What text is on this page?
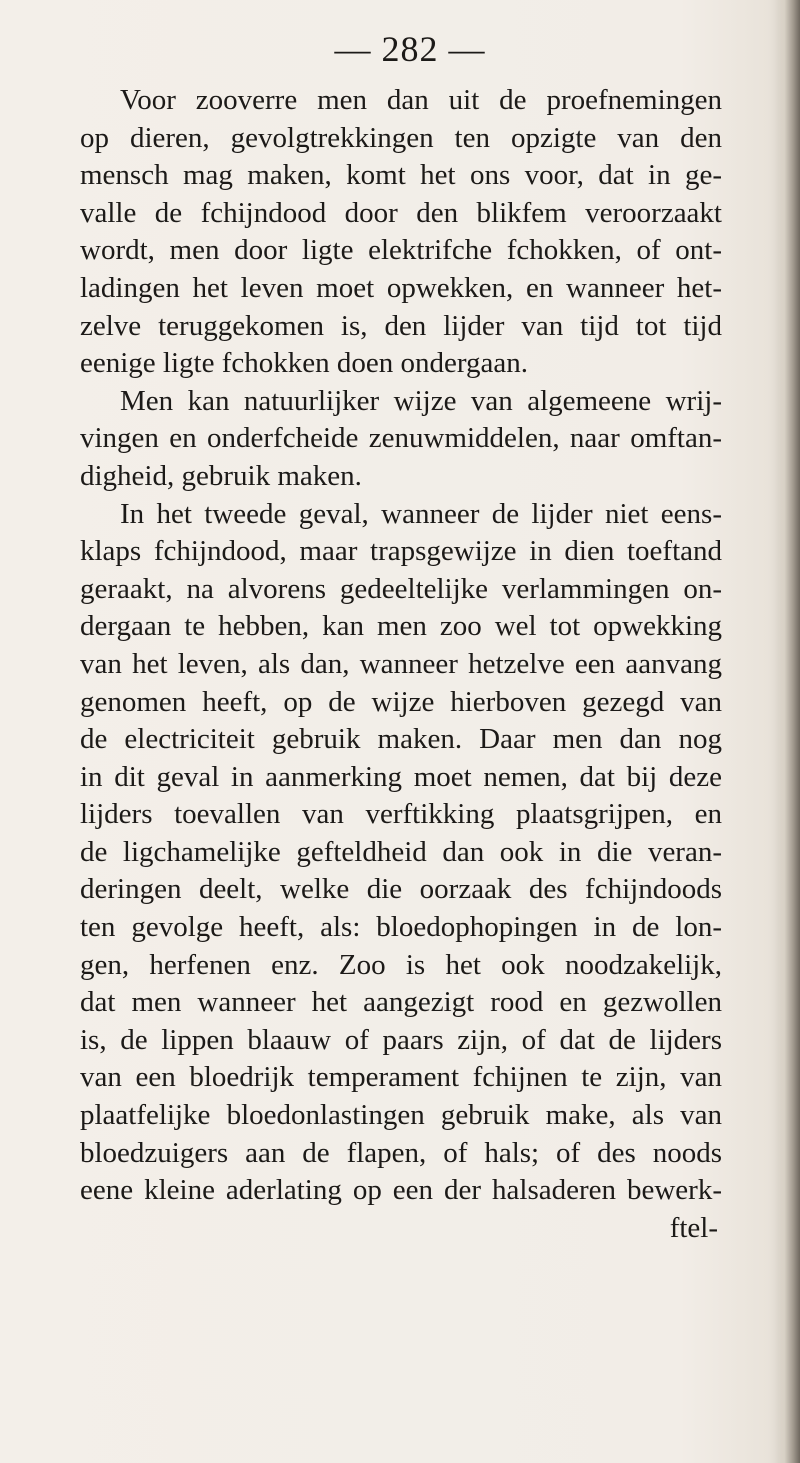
— 282 —
Voor zooverre men dan uit de proefnemingen
op dieren, gevolgtrekkingen ten opzigte van den
mensch mag maken, komt het ons voor, dat in ge-
valle de fchijndood door den blikfem veroorzaakt
wordt, men door ligte elektrifche fchokken, of ont-
ladingen het leven moet opwekken, en wanneer het-
zelve teruggekomen is, den lijder van tijd tot tijd
eenige ligte fchokken doen ondergaan.
Men kan natuurlijker wijze van algemeene wrij-
vingen en onderfcheide zenuwmiddelen, naar omftan-
digheid, gebruik maken.
In het tweede geval, wanneer de lijder niet eens-
klaps fchijndood, maar trapsgewijze in dien toeftand
geraakt, na alvorens gedeeltelijke verlammingen on-
dergaan te hebben, kan men zoo wel tot opwekking
van het leven, als dan, wanneer hetzelve een aanvang
genomen heeft, op de wijze hierboven gezegd van
de electriciteit gebruik maken. Daar men dan nog
in dit geval in aanmerking moet nemen, dat bij deze
lijders toevallen van verftikking plaatsgrijpen, en
de ligchamelijke gefteldheid dan ook in die veran-
deringen deelt, welke die oorzaak des fchijndoods
ten gevolge heeft, als: bloedophopingen in de lon-
gen, herfenen enz. Zoo is het ook noodzakelijk,
dat men wanneer het aangezigt rood en gezwollen
is, de lippen blaauw of paars zijn, of dat de lijders
van een bloedrijk temperament fchijnen te zijn, van
plaatfelijke bloedonlastingen gebruik make, als van
bloedzuigers aan de flapen, of hals; of des noods
eene kleine aderlating op een der halsaderen bewerk-
ftel-
